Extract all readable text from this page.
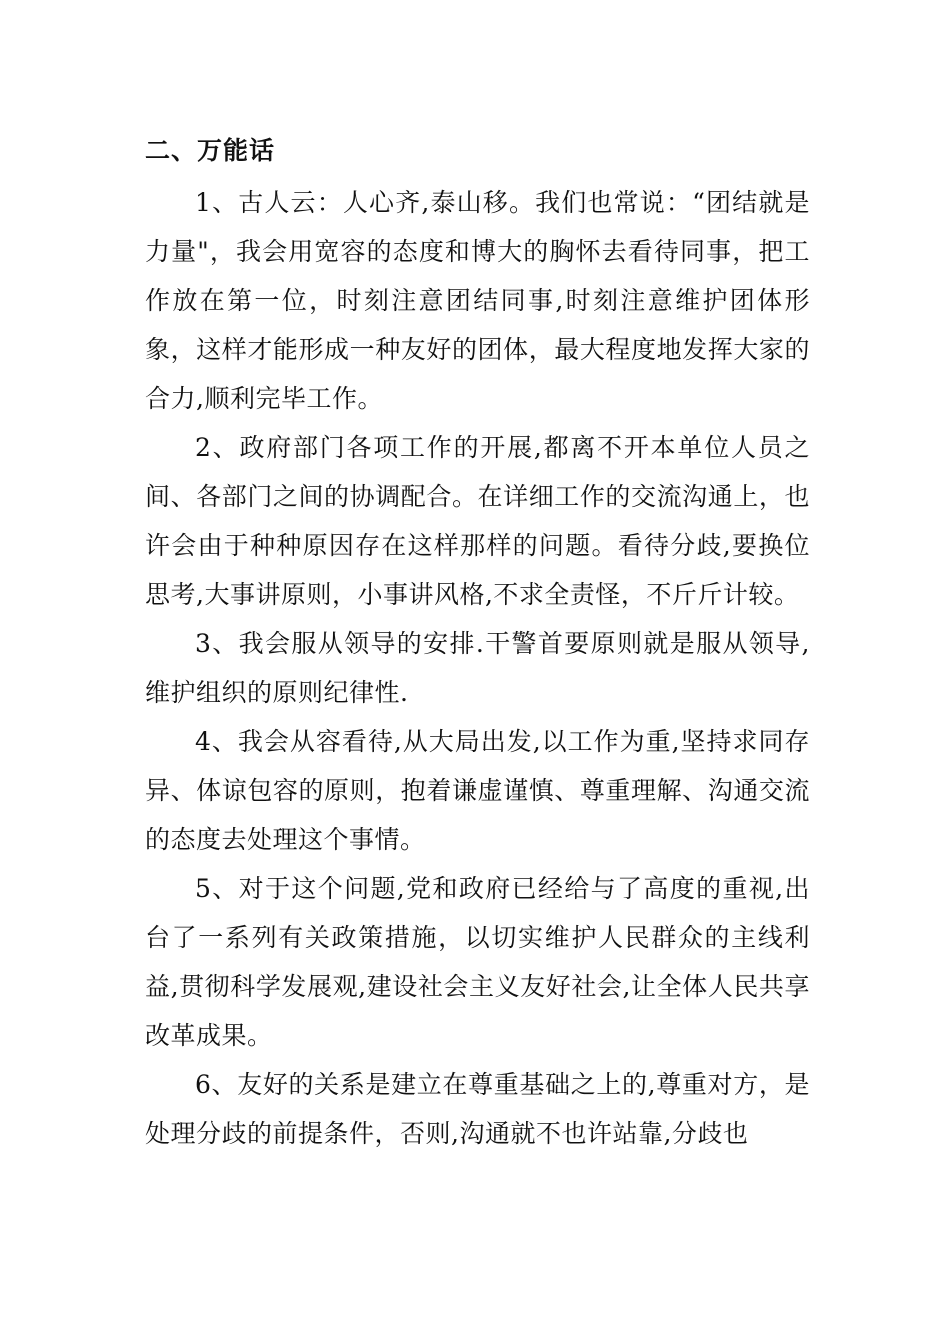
二、万能话

1、古人云：人心齐,泰山移。我们也常说：“团结就是力量"，我会用宽容的态度和博大的胸怀去看待同事，把工作放在第一位，时刻注意团结同事,时刻注意维护团体形象，这样才能形成一种友好的团体，最大程度地发挥大家的合力,顺利完毕工作。

2、政府部门各项工作的开展,都离不开本单位人员之间、各部门之间的协调配合。在详细工作的交流沟通上，也许会由于种种原因存在这样那样的问题。看待分歧,要换位思考,大事讲原则，小事讲风格,不求全责怪，不斤斤计较。

3、我会服从领导的安排.干警首要原则就是服从领导,维护组织的原则纪律性.

4、我会从容看待,从大局出发,以工作为重,坚持求同存异、体谅包容的原则，抱着谦虚谨慎、尊重理解、沟通交流的态度去处理这个事情。

5、对于这个问题,党和政府已经给与了高度的重视,出台了一系列有关政策措施，以切实维护人民群众的主线利益,贯彻科学发展观,建设社会主义友好社会,让全体人民共享改革成果。

6、友好的关系是建立在尊重基础之上的,尊重对方，是处理分歧的前提条件，否则,沟通就不也许站靠,分歧也
